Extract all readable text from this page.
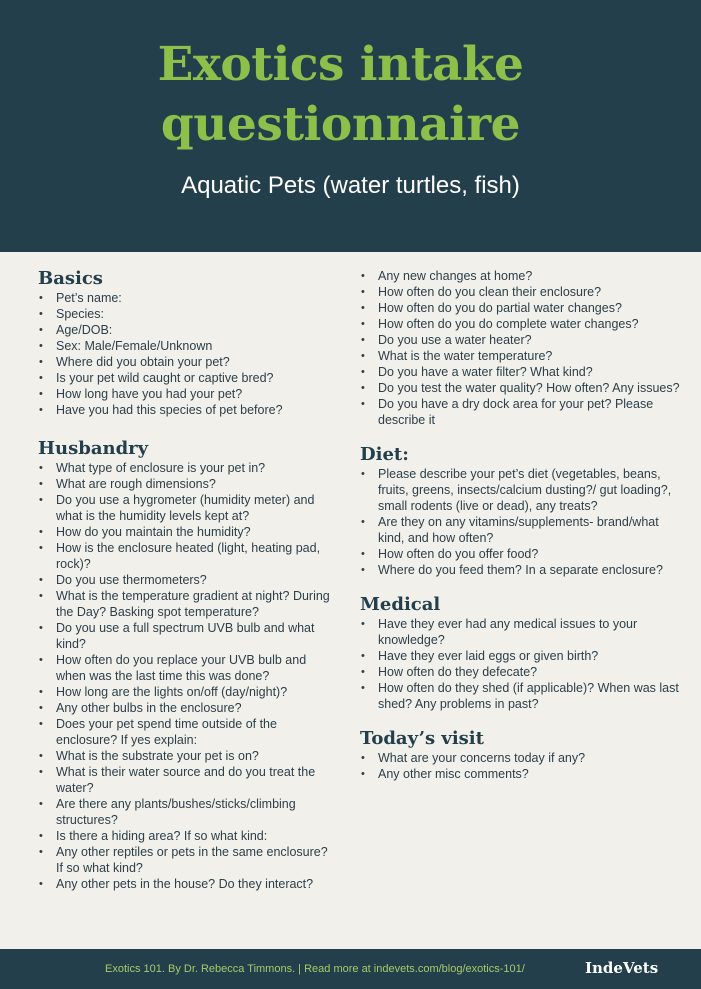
Exotics intake
questionnaire
Aquatic Pets (water turtles, fish)
Basics
• Pet’s name:
• Species:
• Age/DOB:
• Sex: Male/Female/Unknown
• Where did you obtain your pet?
• Is your pet wild caught or captive bred?
• How long have you had your pet?
• Have you had this species of pet before?
Husbandry
• What type of enclosure is your pet in?
• What are rough dimensions?
• Do you use a hygrometer (humidity meter) and what is the humidity levels kept at?
• How do you maintain the humidity?
• How is the enclosure heated (light, heating pad, rock)?
• Do you use thermometers?
• What is the temperature gradient at night? During the Day? Basking spot temperature?
• Do you use a full spectrum UVB bulb and what kind?
• How often do you replace your UVB bulb and when was the last time this was done?
• How long are the lights on/off (day/night)?
• Any other bulbs in the enclosure?
• Does your pet spend time outside of the enclosure? If yes explain:
• What is the substrate your pet is on?
• What is their water source and do you treat the water?
• Are there any plants/bushes/sticks/climbing structures?
• Is there a hiding area? If so what kind:
• Any other reptiles or pets in the same enclosure? If so what kind?
• Any other pets in the house? Do they interact?
• Any new changes at home?
• How often do you clean their enclosure?
• How often do you do partial water changes?
• How often do you do complete water changes?
• Do you use a water heater?
• What is the water temperature?
• Do you have a water filter? What kind?
• Do you test the water quality? How often? Any issues?
• Do you have a dry dock area for your pet? Please describe it
Diet:
• Please describe your pet’s diet (vegetables, beans, fruits, greens, insects/calcium dusting?/ gut loading?, small rodents (live or dead), any treats?
• Are they on any vitamins/supplements- brand/what kind, and how often?
• How often do you offer food?
• Where do you feed them? In a separate enclosure?
Medical
• Have they ever had any medical issues to your knowledge?
• Have they ever laid eggs or given birth?
• How often do they defecate?
• How often do they shed (if applicable)? When was last shed? Any problems in past?
Today’s visit
• What are your concerns today if any?
• Any other misc comments?
Exotics 101. By Dr. Rebecca Timmons. | Read more at indevets.com/blog/exotics-101/	IndeVets
